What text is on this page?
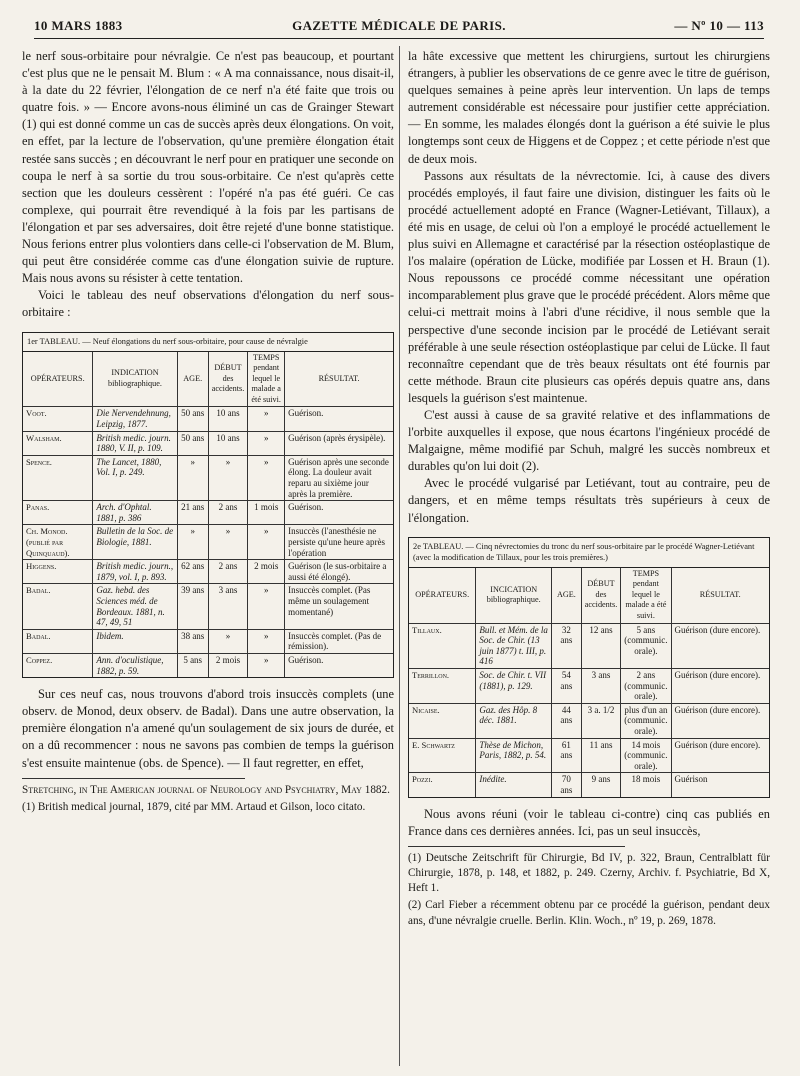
10 MARS 1883	GAZETTE MÉDICALE DE PARIS.	— Nº 10 — 113

le nerf sous-orbitaire pour névralgie. Ce n'est pas beaucoup, et pourtant c'est plus que ne le pensait M. Blum : « A ma connaissance, nous disait-il, à la date du 22 février, l'élongation de ce nerf n'a été faite que trois ou quatre fois. » — Encore avons-nous éliminé un cas de Grainger Stewart (1) qui est donné comme un cas de succès après deux élongations. On voit, en effet, par la lecture de l'observation, qu'une première élongation était restée sans succès ; en découvrant le nerf pour en pratiquer une seconde on coupa le nerf à sa sortie du trou sous-orbitaire. Ce n'est qu'après cette section que les douleurs cessèrent : l'opéré n'a pas été guéri. Ce cas complexe, qui pourrait être revendiqué à la fois par les partisans de l'élongation et par ses adversaires, doit être rejeté d'une bonne statistique. Nous ferions entrer plus volontiers dans celle-ci l'observation de M. Blum, qui peut être considérée comme cas d'une élongation suivie de rupture. Mais nous avons su résister à cette tentation.

Voici le tableau des neuf observations d'élongation du nerf sous-orbitaire :

1er TABLEAU. — Neuf élongations du nerf sous-orbitaire, pour cause de névralgie
OPÉRATEURS.	INDICATION bibliographique.	AGE.	DÉBUT des accidents.	TEMPS pendant lequel le malade a été suivi.	RÉSULTAT.
Voot.	Die Nervendehnung, Leipzig, 1877.	50 ans	10 ans	»	Guérison.
Walsham.	British medic. journ. 1880, V. II, p. 109.	50 ans	10 ans	»	Guérison (après érysipèle).
Spence.	The Lancet, 1880, Vol. I, p. 249.	»	»	»	Guérison après une seconde élong. La douleur avait reparu au sixième jour après la première.
Panas.	Arch. d'Ophtal. 1881, p. 386	21 ans	2 ans	1 mois	Guérison.
Ch. Monod. (publié par Quinquaud).	Bulletin de la Soc. de Biologie, 1881.	»	»	»	Insuccès (l'anesthésie ne persiste qu'une heure après l'opération
Higgens.	British medic. journ., 1879, vol. I, p. 893.	62 ans	2 ans	2 mois	Guérison (le sus-orbitaire a aussi été élongé).
Badal.	Gaz. hebd. des Sciences méd. de Bordeaux. 1881, n. 47, 49, 51	39 ans	3 ans	»	Insuccès complet. (Pas même un soulagement momentané)
Badal.	Ibidem.	38 ans	»	»	Insuccès complet. (Pas de rémission).
Coppez.	Ann. d'oculistique, 1882, p. 59.	5 ans	2 mois	»	Guérison.

Sur ces neuf cas, nous trouvons d'abord trois insuccès complets (une observ. de Monod, deux observ. de Badal). Dans une autre observation, la première élongation n'a amené qu'un soulagement de six jours de durée, et on a dû recommencer : nous ne savons pas combien de temps la guérison s'est ensuite maintenue (obs. de Spence). — Il faut regretter, en effet,

Stretching, in The American journal of Neurology and Psychiatry, May 1882.

(1) British medical journal, 1879, cité par MM. Artaud et Gilson, loco citato.

la hâte excessive que mettent les chirurgiens, surtout les chirurgiens étrangers, à publier les observations de ce genre avec le titre de guérison, quelques semaines à peine après leur intervention. Un laps de temps autrement considérable est nécessaire pour justifier cette appréciation. — En somme, les malades élongés dont la guérison a été suivie le plus longtemps sont ceux de Higgens et de Coppez ; et cette période n'est que de deux mois.

Passons aux résultats de la névrectomie. Ici, à cause des divers procédés employés, il faut faire une division, distinguer les faits où le procédé actuellement adopté en France (Wagner-Letiévant, Tillaux), a été mis en usage, de celui où l'on a employé le procédé actuellement le plus suivi en Allemagne et caractérisé par la résection ostéoplastique de l'os malaire (opération de Lücke, modifiée par Lossen et H. Braun (1). Nous repoussons ce procédé comme nécessitant une opération incomparablement plus grave que le procédé précédent. Alors même que celui-ci mettrait moins à l'abri d'une récidive, il nous semble que la perspective d'une seconde incision par le procédé de Letiévant serait préférable à une seule résection ostéoplastique par celui de Lücke. Il faut reconnaître cependant que de très beaux résultats ont été fournis par cette méthode. Braun cite plusieurs cas opérés depuis quatre ans, dans lesquels la guérison s'est maintenue.

C'est aussi à cause de sa gravité relative et des inflammations de l'orbite auxquelles il expose, que nous écartons l'ingénieux procédé de Malgaigne, même modifié par Schuh, malgré les succès nombreux et durables qu'on lui doit (2).

Avec le procédé vulgarisé par Letiévant, tout au contraire, peu de dangers, et en même temps résultats très supérieurs à ceux de l'élongation.

2e TABLEAU. — Cinq névrectomies du tronc du nerf sous-orbitaire par le procédé Wagner-Letiévant (avec la modification de Tillaux, pour les trois premières.)
OPÉRATEURS.	INCICATION bibliographique.	AGE.	DÉBUT des accidents.	TEMPS pendant lequel le malade a été suivi.	RÉSULTAT.
Tillaux.	Bull. et Mém. de la Soc. de Chir. (13 juin 1877) t. III, p. 416	32 ans	12 ans	5 ans (communic. orale).	Guérison (dure encore).
Terrillon.	Soc. de Chir. t. VII (1881), p. 129.	54 ans	3 ans	2 ans (communic. orale).	Guérison (dure encore).
Nicaise.	Gaz. des Hôp. 8 déc. 1881.	44 ans	3 a. 1/2	plus d'un an (communic. orale).	Guérison (dure encore).
E. Schwartz	Thèse de Michon, Paris, 1882, p. 54.	61 ans	11 ans	14 mois (communic. orale).	Guérison (dure encore).
Pozzi.	Inédite.	70 ans	9 ans	18 mois	Guérison

Nous avons réuni (voir le tableau ci-contre) cinq cas publiés en France dans ces dernières années. Ici, pas un seul insuccès,

(1) Deutsche Zeitschrift für Chirurgie, Bd IV, p. 322, Braun, Centralblatt für Chirurgie, 1878, p. 148, et 1882, p. 249. Czerny, Archiv. f. Psychiatrie, Bd X, Heft 1.

(2) Carl Fieber a récemment obtenu par ce procédé la guérison, pendant deux ans, d'une névralgie cruelle. Berlin. Klin. Woch., nº 19, p. 269, 1878.
